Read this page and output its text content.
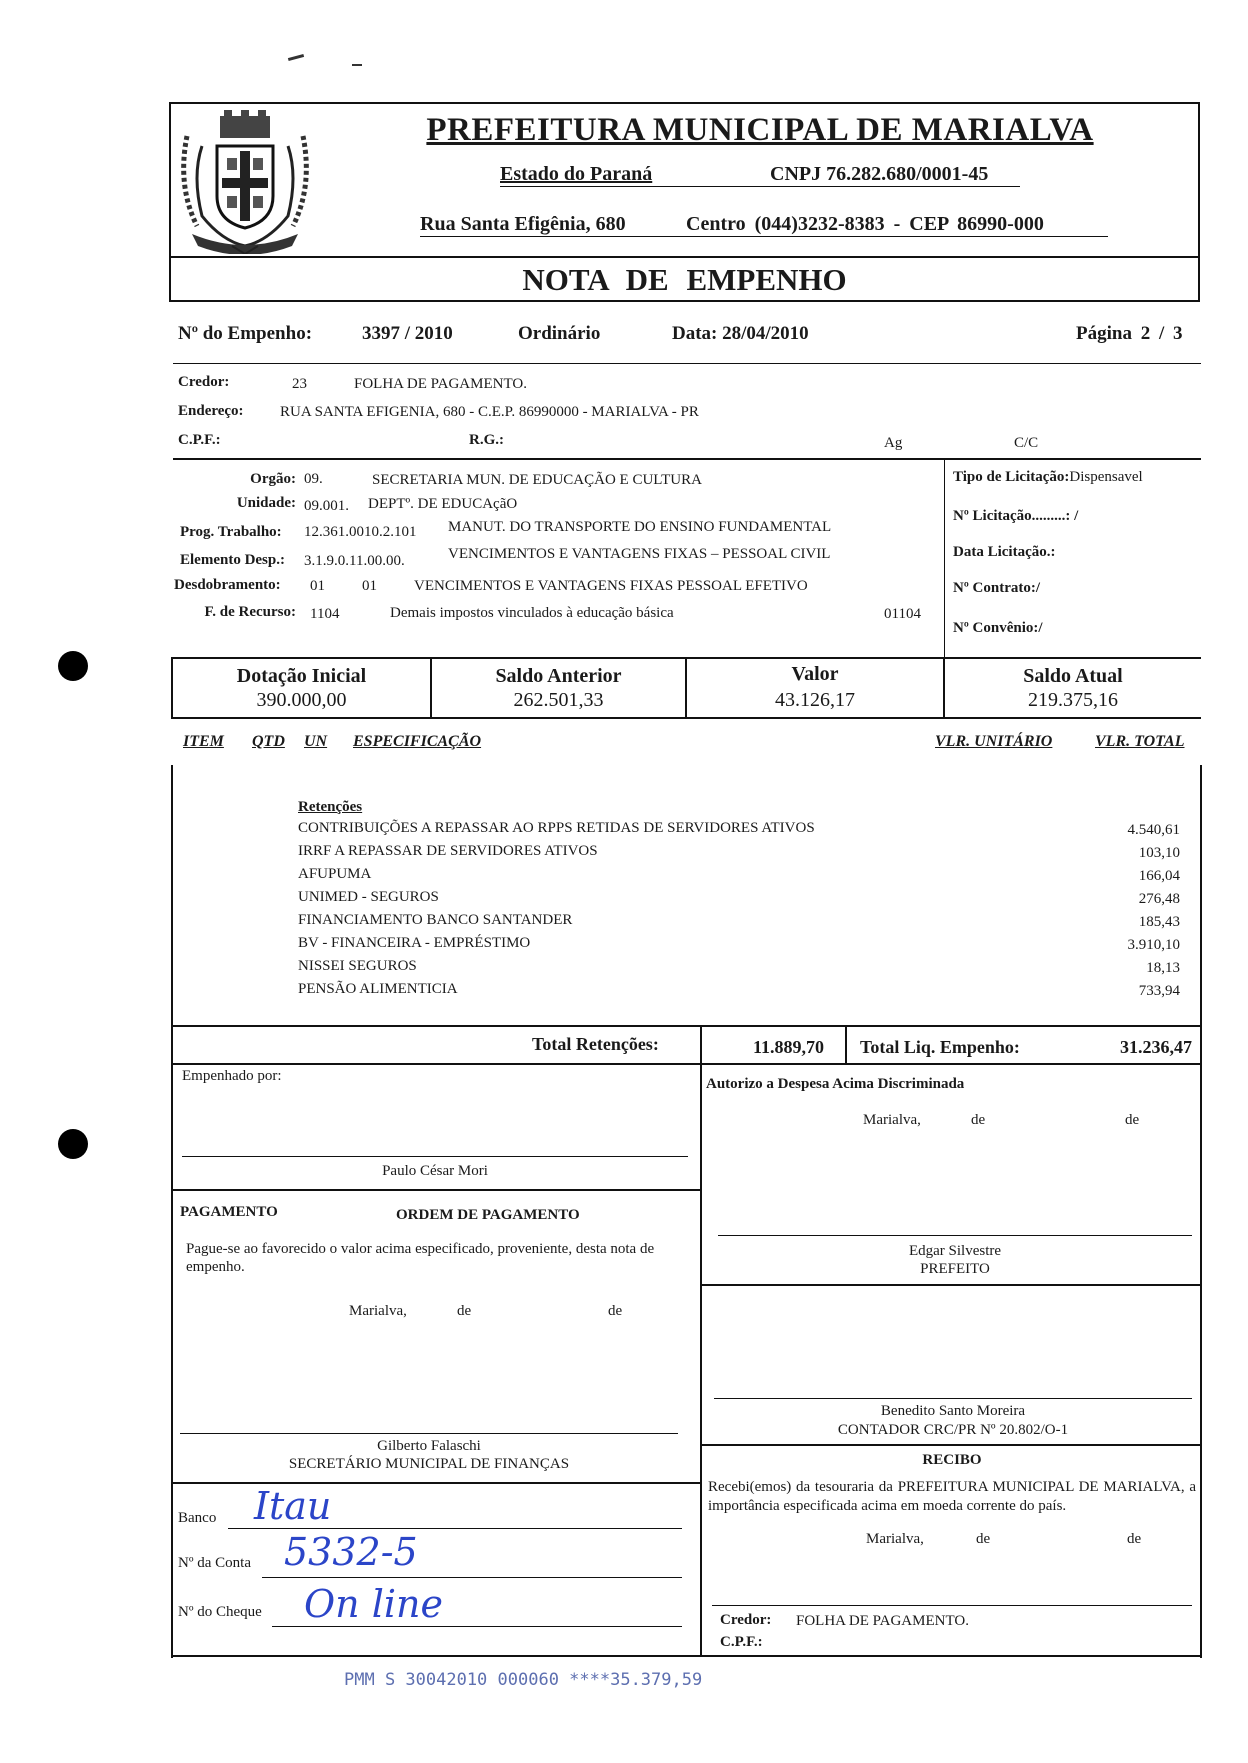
PREFEITURA MUNICIPAL DE MARIALVA
Estado do Paraná	CNPJ 76.282.680/0001-45
Rua Santa Efigênia, 680	Centro (044)3232-8383 - CEP 86990-000
NOTA DE EMPENHO
Nº do Empenho:	3397 / 2010	Ordinário	Data: 28/04/2010	Página 2 / 3
Credor:	23	FOLHA DE PAGAMENTO.
Endereço: RUA SANTA EFIGENIA, 680 - C.E.P. 86990000 - MARIALVA - PR
C.P.F.:	R.G.:	Ag	C/C
Orgão: 09.	SECRETARIA MUN. DE EDUCAÇÃO E CULTURA
Unidade: 09.001. DEPTº. DE EDUCAçãO
Prog. Trabalho: 12.361.0010.2.101 MANUT. DO TRANSPORTE DO ENSINO FUNDAMENTAL
Elemento Desp.: 3.1.9.0.11.00.00.	VENCIMENTOS E VANTAGENS FIXAS – PESSOAL CIVIL
Desdobramento: 01 01 VENCIMENTOS E VANTAGENS FIXAS PESSOAL EFETIVO
F. de Recurso: 1104	Demais impostos vinculados à educação básica	01104
Tipo de Licitação:Dispensavel
Nº Licitação.........: /
Data Licitação.:
Nº Contrato:/
Nº Convênio:/
Dotação Inicial
390.000,00
Saldo Anterior
262.501,33
Valor
43.126,17
Saldo Atual
219.375,16
ITEM QTD UN ESPECIFICAÇÃO	VLR. UNITÁRIO	VLR. TOTAL
Retenções
CONTRIBUIÇÕES A REPASSAR AO RPPS RETIDAS DE SERVIDORES ATIVOS	4.540,61
IRRF A REPASSAR DE SERVIDORES ATIVOS	103,10
AFUPUMA	166,04
UNIMED - SEGUROS	276,48
FINANCIAMENTO BANCO SANTANDER	185,43
BV - FINANCEIRA - EMPRÉSTIMO	3.910,10
NISSEI SEGUROS	18,13
PENSÃO ALIMENTICIA	733,94
Total Retenções:	11.889,70 Total Liq. Empenho:	31.236,47
Empenhado por:
Paulo César Mori
Autorizo a Despesa Acima Discriminada
Marialva,	de	de
Edgar Silvestre
PREFEITO
PAGAMENTO	ORDEM DE PAGAMENTO
Pague-se ao favorecido o valor acima especificado, proveniente, desta nota de empenho.
Marialva,	de	de
Gilberto Falaschi
SECRETÁRIO MUNICIPAL DE FINANÇAS
Benedito Santo Moreira
CONTADOR CRC/PR Nº 20.802/O-1
RECIBO
Recebi(emos) da tesouraria da PREFEITURA MUNICIPAL DE MARIALVA, a importância especificada acima em moeda corrente do país.
Marialva,	de	de
Credor: FOLHA DE PAGAMENTO.
C.P.F.:
Banco Itau
Nº da Conta 5332-5
Nº do Cheque On line
PMM S 30042010 000060 ****35.379,59
